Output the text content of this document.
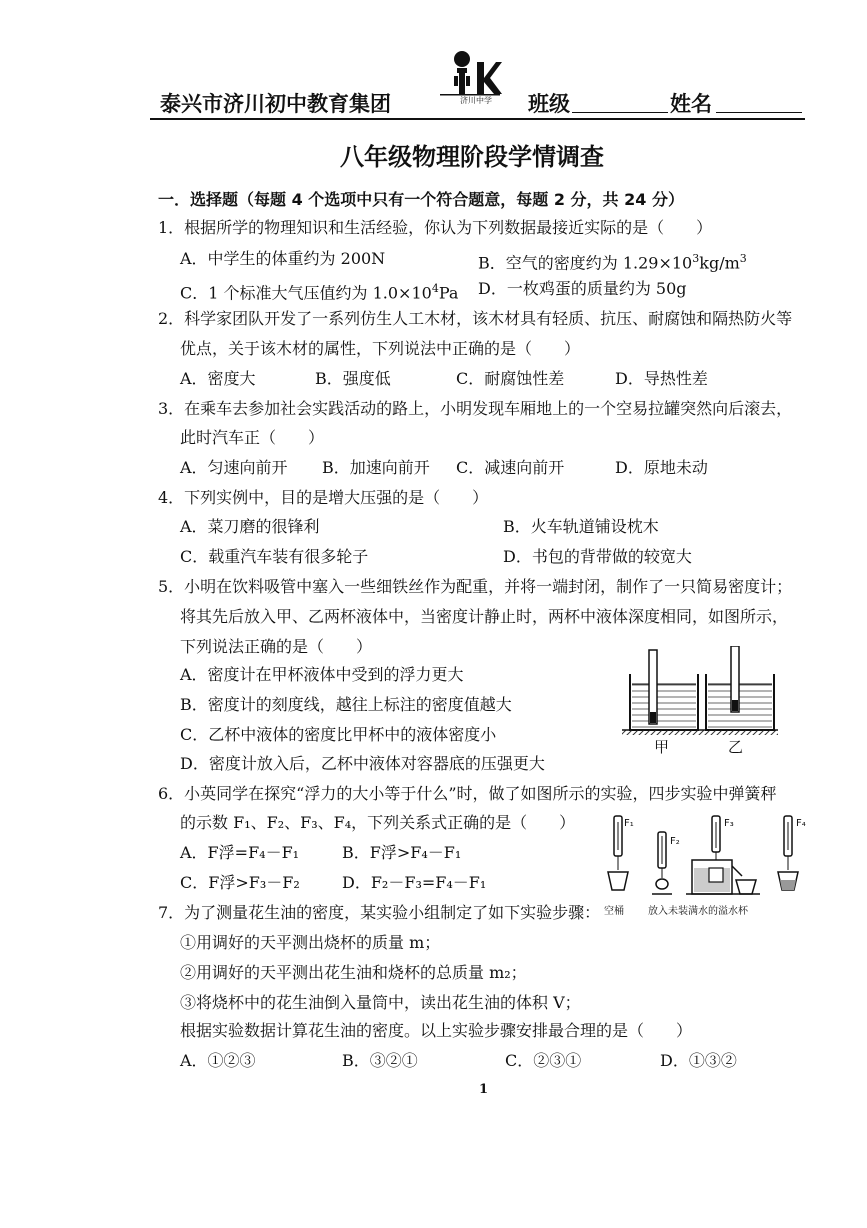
泰兴市济川初中教育集团	济川中学 班级	姓名
八年级物理阶段学情调查
一．选择题（每题 4 个选项中只有一个符合题意，每题 2 分，共 24 分）
1．根据所学的物理知识和生活经验，你认为下列数据最接近实际的是（　　）
A．中学生的体重约为 200N	B．空气的密度约为 $1.29\times 10^3kg/m^3$
C．1 个标准大气压值约为 $1.0\times 10^4Pa$ D．一枚鸡蛋的质量约为 50g
2．科学家团队开发了一系列仿生人工木材，该木材具有轻质、抗压、耐腐蚀和隔热防火等
优点，关于该木材的属性，下列说法中正确的是（　　）
A．密度大	B．强度低	C．耐腐蚀性差	D．导热性差
3．在乘车去参加社会实践活动的路上，小明发现车厢地上的一个空易拉罐突然向后滚去，
此时汽车正（　　）
A．匀速向前开 B．加速向前开 C．减速向前开	D．原地未动
4．下列实例中，目的是增大压强的是（　　）
A．菜刀磨的很锋利	B．火车轨道铺设枕木
C．载重汽车装有很多轮子	D．书包的背带做的较宽大
5．小明在饮料吸管中塞入一些细铁丝作为配重，并将一端封闭，制作了一只简易密度计；
将其先后放入甲、乙两杯液体中，当密度计静止时，两杯中液体深度相同，如图所示，
下列说法正确的是（　　）
A．密度计在甲杯液体中受到的浮力更大
B．密度计的刻度线，越往上标注的密度值越大
C．乙杯中液体的密度比甲杯中的液体密度小
D．密度计放入后，乙杯中液体对容器底的压强更大
甲	乙
6．小英同学在探究“浮力的大小等于什么”时，做了如图所示的实验，四步实验中弹簧秤
的示数 F₁、F₂、F₃、F₄，下列关系式正确的是（　　）
A．F浮=F₄－F₁	B．F浮>F₄－F₁
C．F浮>F₃－F₂	D．F₂－F₃=F₄－F₁
F₁
F₂
F₃	F₄
空桶 放入未装满水的溢水杯
7．为了测量花生油的密度，某实验小组制定了如下实验步骤：
①用调好的天平测出烧杯的质量 m；
②用调好的天平测出花生油和烧杯的总质量 m₂；
③将烧杯中的花生油倒入量筒中，读出花生油的体积 V；
根据实验数据计算花生油的密度。以上实验步骤安排最合理的是（　　）
A．①②③	B．③②①	C．②③①	D．①③②
1
